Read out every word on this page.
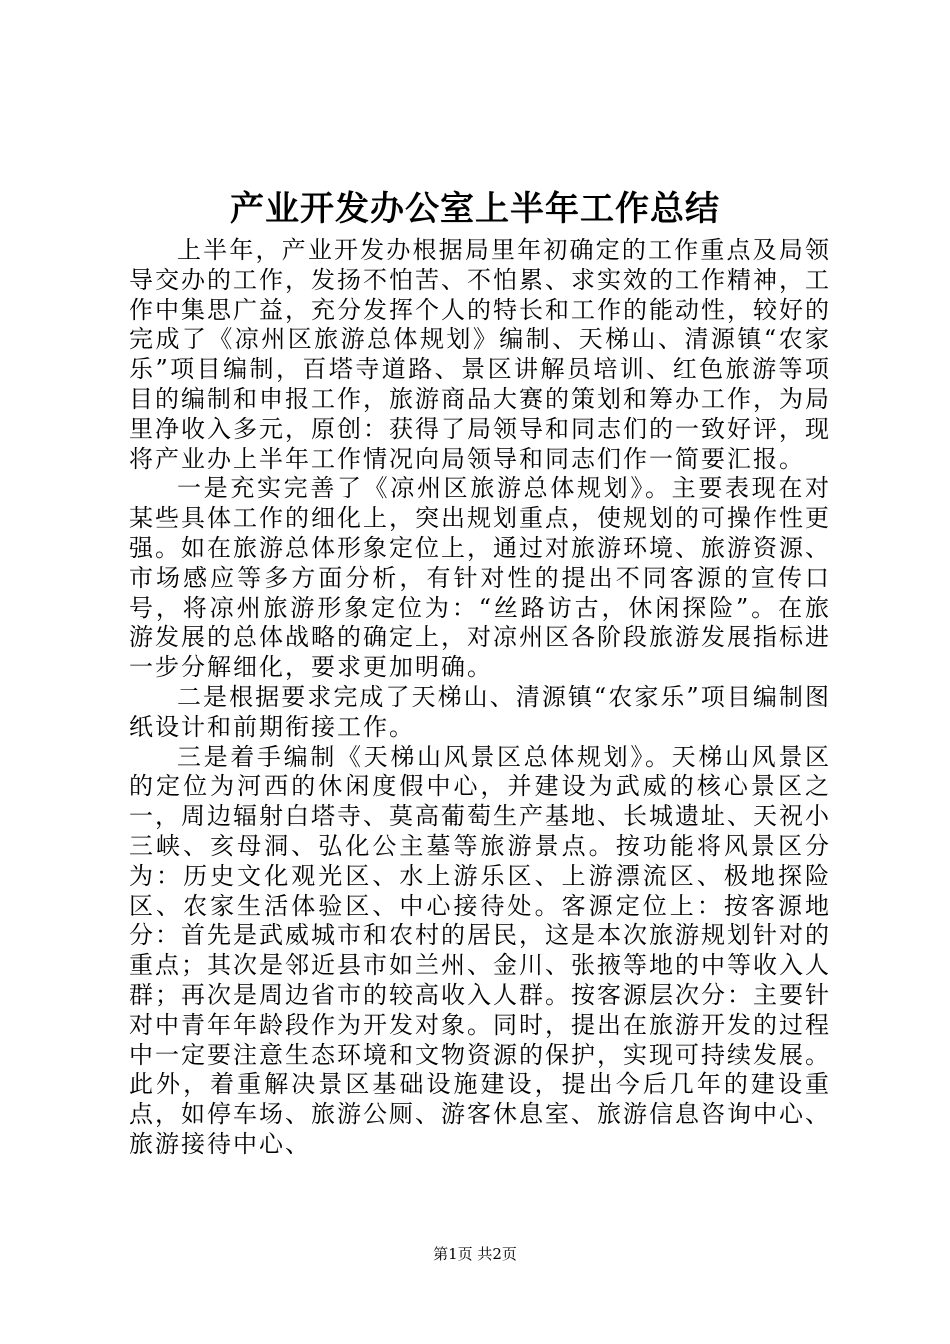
产业开发办公室上半年工作总结

上半年，产业开发办根据局里年初确定的工作重点及局领导交办的工作，发扬不怕苦、不怕累、求实效的工作精神，工作中集思广益，充分发挥个人的特长和工作的能动性，较好的完成了《凉州区旅游总体规划》编制、天梯山、清源镇“农家乐”项目编制，百塔寺道路、景区讲解员培训、红色旅游等项目的编制和申报工作，旅游商品大赛的策划和筹办工作，为局里净收入多元，原创：获得了局领导和同志们的一致好评，现将产业办上半年工作情况向局领导和同志们作一简要汇报。

一是充实完善了《凉州区旅游总体规划》。主要表现在对某些具体工作的细化上，突出规划重点，使规划的可操作性更强。如在旅游总体形象定位上，通过对旅游环境、旅游资源、市场感应等多方面分析，有针对性的提出不同客源的宣传口号，将凉州旅游形象定位为：“丝路访古，休闲探险”。在旅游发展的总体战略的确定上，对凉州区各阶段旅游发展指标进一步分解细化，要求更加明确。

二是根据要求完成了天梯山、清源镇“农家乐”项目编制图纸设计和前期衔接工作。

三是着手编制《天梯山风景区总体规划》。天梯山风景区的定位为河西的休闲度假中心，并建设为武威的核心景区之一，周边辐射白塔寺、莫高葡萄生产基地、长城遗址、天祝小三峡、亥母洞、弘化公主墓等旅游景点。按功能将风景区分为：历史文化观光区、水上游乐区、上游漂流区、极地探险区、农家生活体验区、中心接待处。客源定位上：按客源地分：首先是武威城市和农村的居民，这是本次旅游规划针对的重点；其次是邻近县市如兰州、金川、张掖等地的中等收入人群；再次是周边省市的较高收入人群。按客源层次分：主要针对中青年年龄段作为开发对象。同时，提出在旅游开发的过程中一定要注意生态环境和文物资源的保护，实现可持续发展。此外，着重解决景区基础设施建设，提出今后几年的建设重点，如停车场、旅游公厕、游客休息室、旅游信息咨询中心、旅游接待中心、

第1页 共2页
